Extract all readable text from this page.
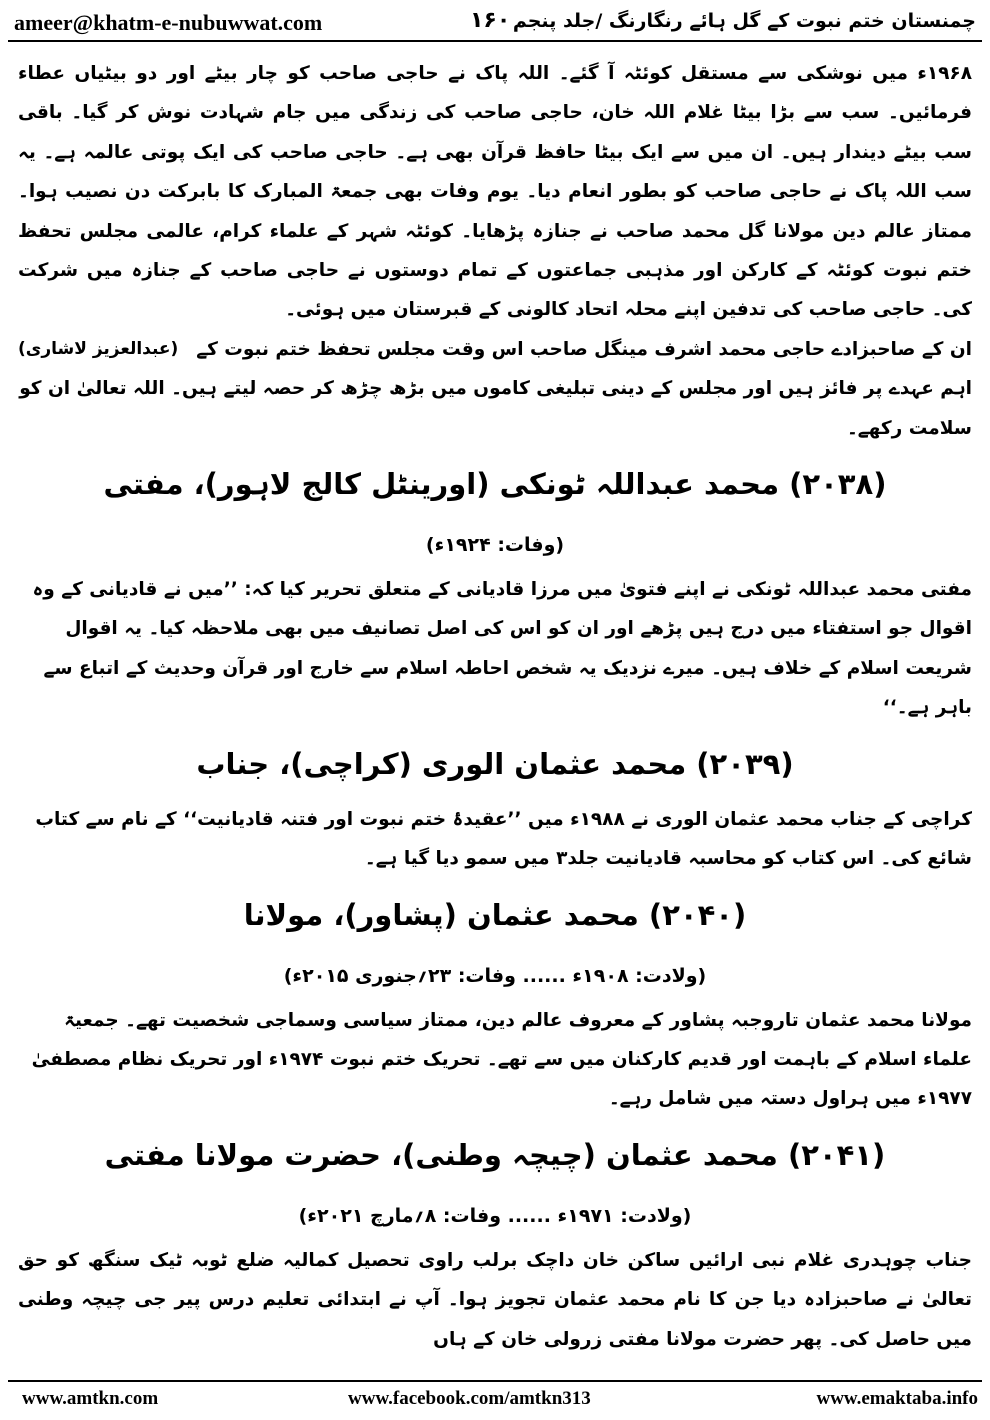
ameer@khatm-e-nubuwwat.com	۱۶۰ چمنستان ختم نبوت کے گل ہائے رنگارنگ /جلد پنجم

۱۹۶۸ء میں نوشکی سے مستقل کوئٹہ آ گئے۔ اللہ پاک نے حاجی صاحب کو چار بیٹے اور دو بیٹیاں عطاء فرمائیں۔ سب سے بڑا بیٹا غلام اللہ خان، حاجی صاحب کی زندگی میں جام شہادت نوش کر گیا۔ باقی سب بیٹے دیندار ہیں۔ ان میں سے ایک بیٹا حافظ قرآن بھی ہے۔ حاجی صاحب کی ایک پوتی عالمہ ہے۔ یہ سب اللہ پاک نے حاجی صاحب کو بطور انعام دیا۔ یوم وفات بھی جمعۃ المبارک کا بابرکت دن نصیب ہوا۔ ممتاز عالم دین مولانا گل محمد صاحب نے جنازہ پڑھایا۔ کوئٹہ شہر کے علماء کرام، عالمی مجلس تحفظ ختم نبوت کوئٹہ کے کارکن اور مذہبی جماعتوں کے تمام دوستوں نے حاجی صاحب کے جنازہ میں شرکت کی۔ حاجی صاحب کی تدفین اپنے محلہ اتحاد کالونی کے قبرستان میں ہوئی۔

(عبدالعزیز لاشاری) ان کے صاحبزادے حاجی محمد اشرف مینگل صاحب اس وقت مجلس تحفظ ختم نبوت کے اہم عہدے پر فائز ہیں اور مجلس کے دینی تبلیغی کاموں میں بڑھ چڑھ کر حصہ لیتے ہیں۔ اللہ تعالیٰ ان کو سلامت رکھے۔

(۲۰۳۸) محمد عبداللہ ٹونکی (اورینٹل کالج لاہور)، مفتی
(وفات: ۱۹۲۴ء)

مفتی محمد عبداللہ ٹونکی نے اپنے فتویٰ میں مرزا قادیانی کے متعلق تحریر کیا کہ: ’’میں نے قادیانی کے وہ اقوال جو استفتاء میں درج ہیں پڑھے اور ان کو اس کی اصل تصانیف میں بھی ملاحظہ کیا۔ یہ اقوال شریعت اسلام کے خلاف ہیں۔ میرے نزدیک یہ شخص احاطہ اسلام سے خارج اور قرآن وحدیث کے اتباع سے باہر ہے۔‘‘

(۲۰۳۹) محمد عثمان الوری (کراچی)، جناب

کراچی کے جناب محمد عثمان الوری نے ۱۹۸۸ء میں ’’عقیدۂ ختم نبوت اور فتنہ قادیانیت‘‘ کے نام سے کتاب شائع کی۔ اس کتاب کو محاسبہ قادیانیت جلد۳ میں سمو دیا گیا ہے۔

(۲۰۴۰) محمد عثمان (پشاور)، مولانا
(ولادت: ۱۹۰۸ء ...... وفات: ۲۳؍جنوری ۲۰۱۵ء)

مولانا محمد عثمان تاروجبہ پشاور کے معروف عالم دین، ممتاز سیاسی وسماجی شخصیت تھے۔ جمعیۃ علماء اسلام کے باہمت اور قدیم کارکنان میں سے تھے۔ تحریک ختم نبوت ۱۹۷۴ء اور تحریک نظام مصطفیٰ ۱۹۷۷ء میں ہراول دستہ میں شامل رہے۔

(۲۰۴۱) محمد عثمان (چیچہ وطنی)، حضرت مولانا مفتی
(ولادت: ۱۹۷۱ء ...... وفات: ۸؍مارچ ۲۰۲۱ء)

جناب چوہدری غلام نبی ارائیں ساکن خان داچک برلب راوی تحصیل کمالیہ ضلع ٹوبہ ٹیک سنگھ کو حق تعالیٰ نے صاحبزادہ دیا جن کا نام محمد عثمان تجویز ہوا۔ آپ نے ابتدائی تعلیم درس پیر جی چیچہ وطنی میں حاصل کی۔ پھر حضرت مولانا مفتی زرولی خان کے ہاں

www.amtkn.com	www.facebook.com/amtkn313	www.emaktaba.info
